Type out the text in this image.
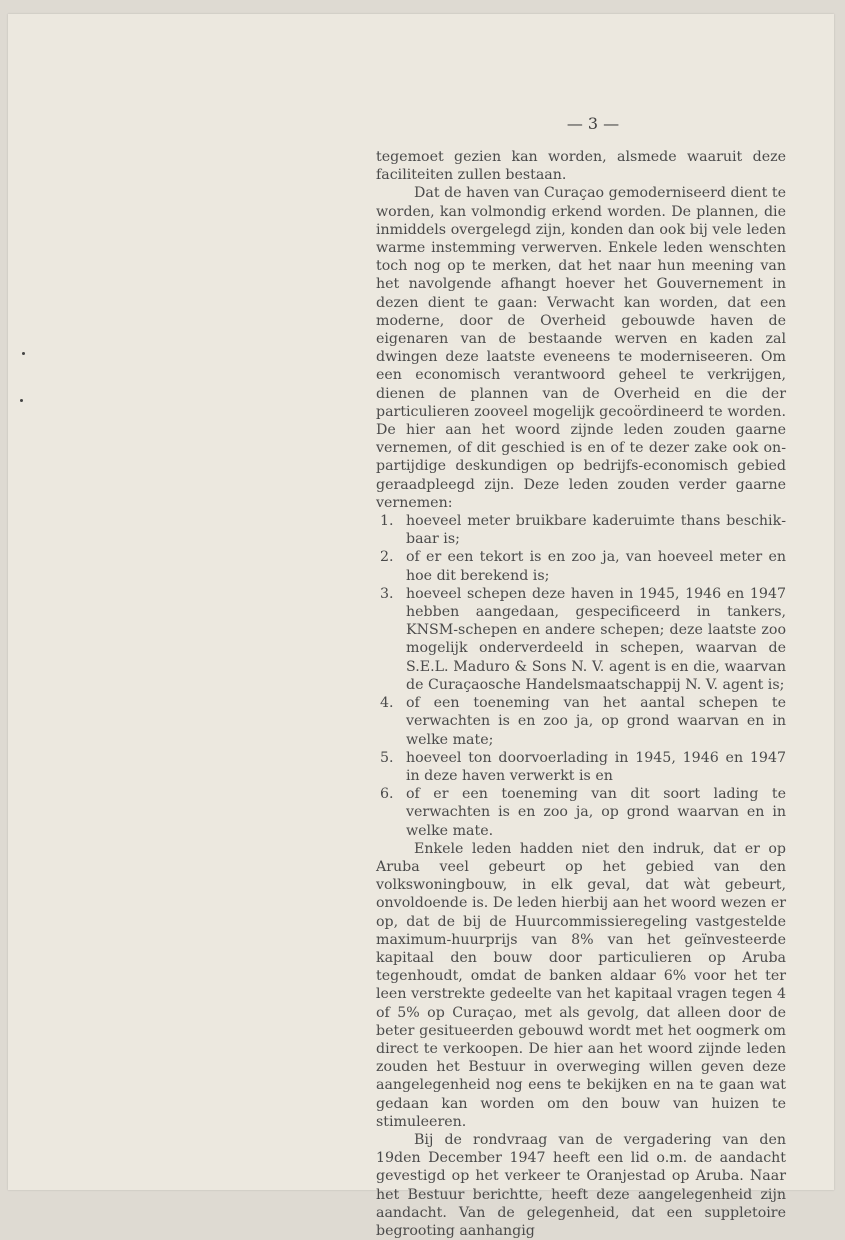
— 3 —

tegemoet gezien kan worden, alsmede waaruit deze faciliteiten zullen bestaan.

Dat de haven van Curaçao gemoderniseerd dient te worden, kan volmondig erkend worden. De plannen, die inmiddels overgelegd zijn, konden dan ook bij vele leden warme instemming verwerven. Enkele leden wenschten toch nog op te merken, dat het naar hun meening van het navolgende afhangt hoever het Gouvernement in dezen dient te gaan: Verwacht kan worden, dat een moderne, door de Overheid gebouwde haven de eigenaren van de bestaande werven en kaden zal dwingen deze laatste eveneens te moderniseeren. Om een economisch verantwoord geheel te verkrijgen, dienen de plannen van de Overheid en die der particulieren zooveel mogelijk gecoördineerd te worden. De hier aan het woord zijnde leden zouden gaarne vernemen, of dit geschied is en of te dezer zake ook onpartijdige deskundigen op bedrijfs-economisch gebied geraadpleegd zijn. Deze leden zouden verder gaarne vernemen:

1. hoeveel meter bruikbare kaderuimte thans beschikbaar is;
2. of er een tekort is en zoo ja, van hoeveel meter en hoe dit berekend is;
3. hoeveel schepen deze haven in 1945, 1946 en 1947 hebben aangedaan, gespecificeerd in tankers, KNSM-schepen en andere schepen; deze laatste zoo mogelijk onderverdeeld in schepen, waarvan de S.E.L. Maduro & Sons N. V. agent is en die, waarvan de Curaçaosche Handelsmaatschappij N. V. agent is;
4. of een toeneming van het aantal schepen te verwachten is en zoo ja, op grond waarvan en in welke mate;
5. hoeveel ton doorvoerlading in 1945, 1946 en 1947 in deze haven verwerkt is en
6. of er een toeneming van dit soort lading te verwachten is en zoo ja, op grond waarvan en in welke mate.

Enkele leden hadden niet den indruk, dat er op Aruba veel gebeurt op het gebied van den volkswoningbouw, in elk geval, dat wàt gebeurt, onvoldoende is. De leden hierbij aan het woord wezen er op, dat de bij de Huurcommissieregeling vastgestelde maximum-huurprijs van 8% van het geïnvesteerde kapitaal den bouw door particulieren op Aruba tegenhoudt, omdat de banken aldaar 6% voor het ter leen verstrekte gedeelte van het kapitaal vragen tegen 4 of 5% op Curaçao, met als gevolg, dat alleen door de beter gesitueerden gebouwd wordt met het oogmerk om direct te verkoopen. De hier aan het woord zijnde leden zouden het Bestuur in overweging willen geven deze aangelegenheid nog eens te bekijken en na te gaan wat gedaan kan worden om den bouw van huizen te stimuleeren.

Bij de rondvraag van de vergadering van den 19den December 1947 heeft een lid o.m. de aandacht gevestigd op het verkeer te Oranjestad op Aruba. Naar het Bestuur berichtte, heeft deze aangelegenheid zijn aandacht. Van de gelegenheid, dat een suppletoire begrooting aanhangig
